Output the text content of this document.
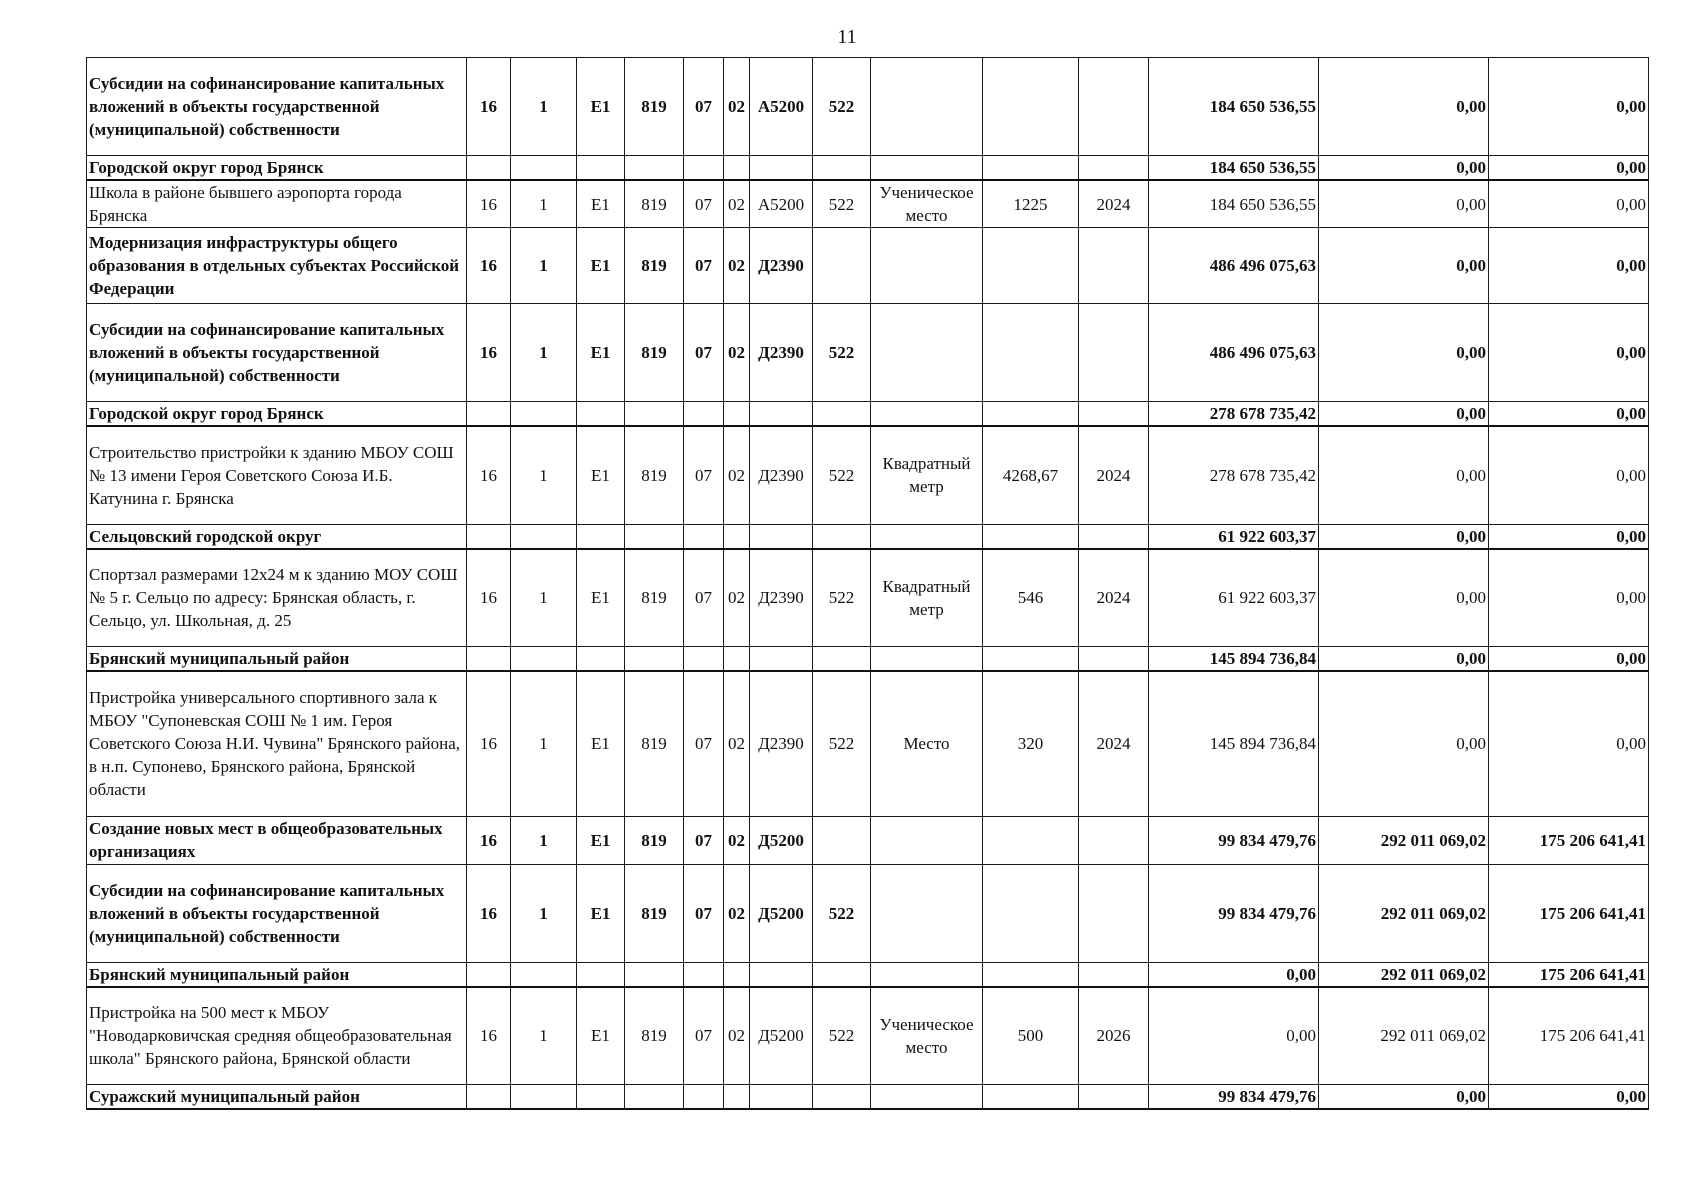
11
Субсидии на софинансирование капитальных вложений в объекты государственной (муниципальной) собственности	16	1	E1	819	07	02	А5200	522				184 650 536,55	0,00	0,00
Городской округ город Брянск												184 650 536,55	0,00	0,00
Школа в районе бывшего аэропорта города Брянска	16	1	E1	819	07	02	А5200	522	Ученическое место	1225	2024	184 650 536,55	0,00	0,00
Модернизация инфраструктуры общего образования в отдельных субъектах Российской Федерации	16	1	E1	819	07	02	Д2390					486 496 075,63	0,00	0,00
Субсидии на софинансирование капитальных вложений в объекты государственной (муниципальной) собственности	16	1	E1	819	07	02	Д2390	522				486 496 075,63	0,00	0,00
Городской округ город Брянск												278 678 735,42	0,00	0,00
Строительство пристройки к зданию МБОУ СОШ № 13 имени Героя Советского Союза И.Б. Катунина г. Брянска	16	1	E1	819	07	02	Д2390	522	Квадратный метр	4268,67	2024	278 678 735,42	0,00	0,00
Сельцовский городской округ												61 922 603,37	0,00	0,00
Спортзал размерами 12х24 м к зданию МОУ СОШ № 5 г. Сельцо по адресу: Брянская область, г. Сельцо, ул. Школьная, д. 25	16	1	E1	819	07	02	Д2390	522	Квадратный метр	546	2024	61 922 603,37	0,00	0,00
Брянский муниципальный район												145 894 736,84	0,00	0,00
Пристройка универсального спортивного зала к МБОУ "Супоневская СОШ № 1 им. Героя Советского Союза Н.И. Чувина" Брянского района, в н.п. Супонево, Брянского района, Брянской области	16	1	E1	819	07	02	Д2390	522	Место	320	2024	145 894 736,84	0,00	0,00
Создание новых мест в общеобразовательных организациях	16	1	E1	819	07	02	Д5200					99 834 479,76	292 011 069,02	175 206 641,41
Субсидии на софинансирование капитальных вложений в объекты государственной (муниципальной) собственности	16	1	E1	819	07	02	Д5200	522				99 834 479,76	292 011 069,02	175 206 641,41
Брянский муниципальный район												0,00	292 011 069,02	175 206 641,41
Пристройка на 500 мест к МБОУ "Новодарковичская средняя общеобразовательная школа" Брянского района, Брянской области	16	1	E1	819	07	02	Д5200	522	Ученическое место	500	2026	0,00	292 011 069,02	175 206 641,41
Суражский муниципальный район												99 834 479,76	0,00	0,00
